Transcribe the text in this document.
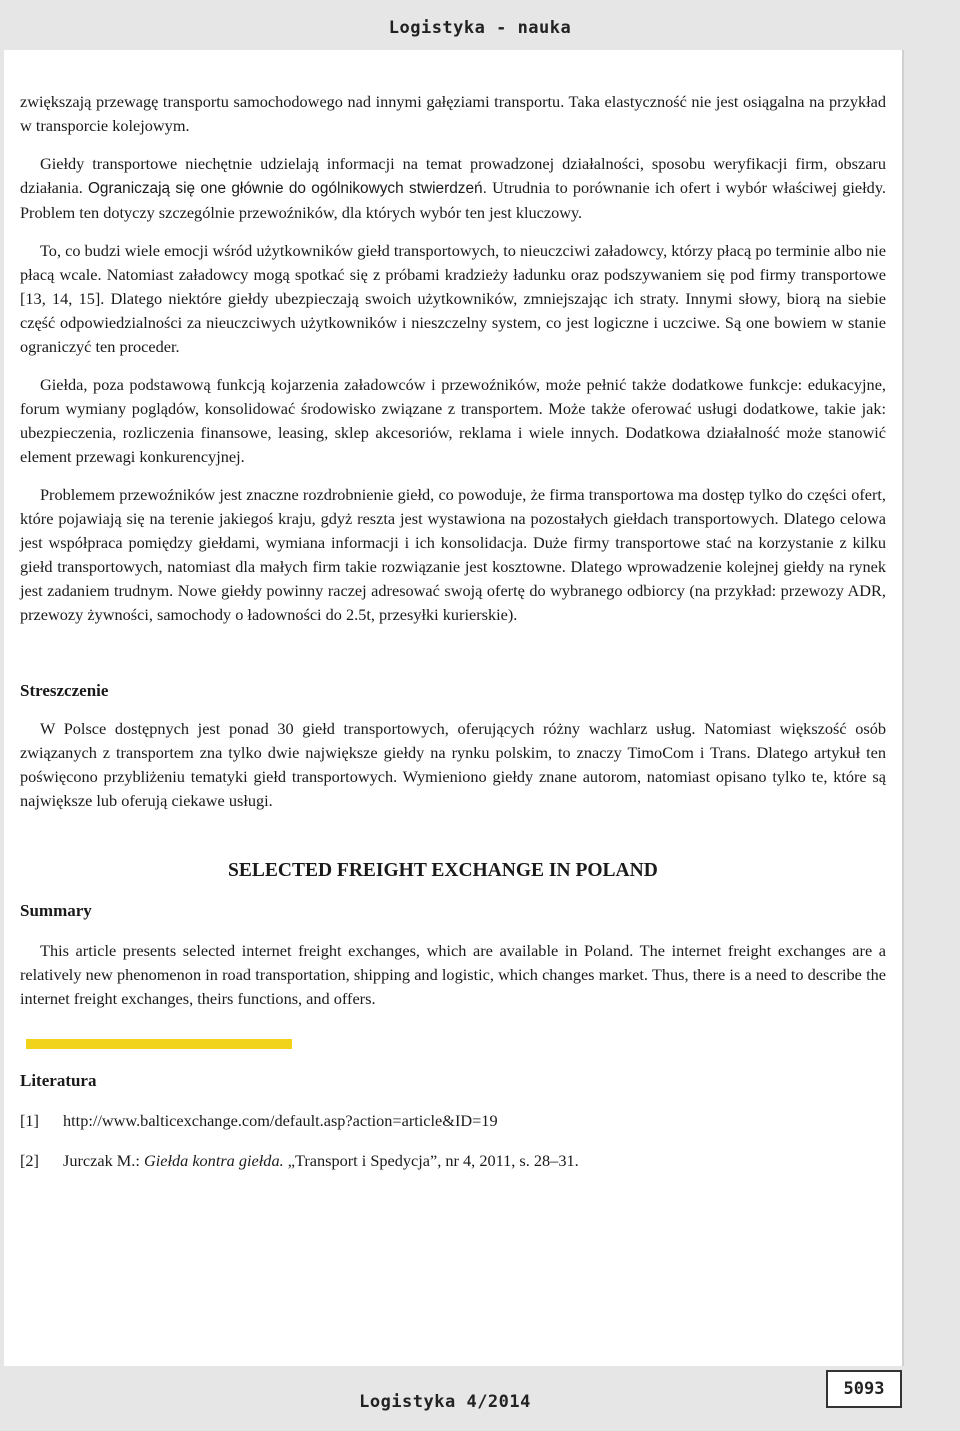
Logistyka - nauka

zwiększają przewagę transportu samochodowego nad innymi gałęziami transportu. Taka elastyczność nie jest osiągalna na przykład w transporcie kolejowym.

Giełdy transportowe niechętnie udzielają informacji na temat prowadzonej działalności, sposobu weryfikacji firm, obszaru działania. Ograniczają się one głównie do ogólnikowych stwierdzeń. Utrudnia to porównanie ich ofert i wybór właściwej giełdy. Problem ten dotyczy szczególnie przewoźników, dla których wybór ten jest kluczowy.

To, co budzi wiele emocji wśród użytkowników giełd transportowych, to nieuczciwi załadowcy, którzy płacą po terminie albo nie płacą wcale. Natomiast załadowcy mogą spotkać się z próbami kradzieży ładunku oraz podszywaniem się pod firmy transportowe [13, 14, 15]. Dlatego niektóre giełdy ubezpieczają swoich użytkowników, zmniejszając ich straty. Innymi słowy, biorą na siebie część odpowiedzialności za nieuczciwych użytkowników i nieszczelny system, co jest logiczne i uczciwe. Są one bowiem w stanie ograniczyć ten proceder.

Giełda, poza podstawową funkcją kojarzenia załadowców i przewoźników, może pełnić także dodatkowe funkcje: edukacyjne, forum wymiany poglądów, konsolidować środowisko związane z transportem. Może także oferować usługi dodatkowe, takie jak: ubezpieczenia, rozliczenia finansowe, leasing, sklep akcesoriów, reklama i wiele innych. Dodatkowa działalność może stanowić element przewagi konkurencyjnej.

Problemem przewoźników jest znaczne rozdrobnienie giełd, co powoduje, że firma transportowa ma dostęp tylko do części ofert, które pojawiają się na terenie jakiegoś kraju, gdyż reszta jest wystawiona na pozostałych giełdach transportowych. Dlatego celowa jest współpraca pomiędzy giełdami, wymiana informacji i ich konsolidacja. Duże firmy transportowe stać na korzystanie z kilku giełd transportowych, natomiast dla małych firm takie rozwiązanie jest kosztowne. Dlatego wprowadzenie kolejnej giełdy na rynek jest zadaniem trudnym. Nowe giełdy powinny raczej adresować swoją ofertę do wybranego odbiorcy (na przykład: przewozy ADR, przewozy żywności, samochody o ładowności do 2.5t, przesyłki kurierskie).

Streszczenie

W Polsce dostępnych jest ponad 30 giełd transportowych, oferujących różny wachlarz usług. Natomiast większość osób związanych z transportem zna tylko dwie największe giełdy na rynku polskim, to znaczy TimoCom i Trans. Dlatego artykuł ten poświęcono przybliżeniu tematyki giełd transportowych. Wymieniono giełdy znane autorom, natomiast opisano tylko te, które są największe lub oferują ciekawe usługi.

SELECTED FREIGHT EXCHANGE IN POLAND
Summary

This article presents selected internet freight exchanges, which are available in Poland. The internet freight exchanges are a relatively new phenomenon in road transportation, shipping and logistic, which changes market. Thus, there is a need to describe the internet freight exchanges, theirs functions, and offers.

Literatura

[1]	http://www.balticexchange.com/default.asp?action=article&ID=19

[2]	Jurczak M.: Giełda kontra giełda. „Transport i Spedycja”, nr 4, 2011, s. 28–31.

5093
Logistyka 4/2014
